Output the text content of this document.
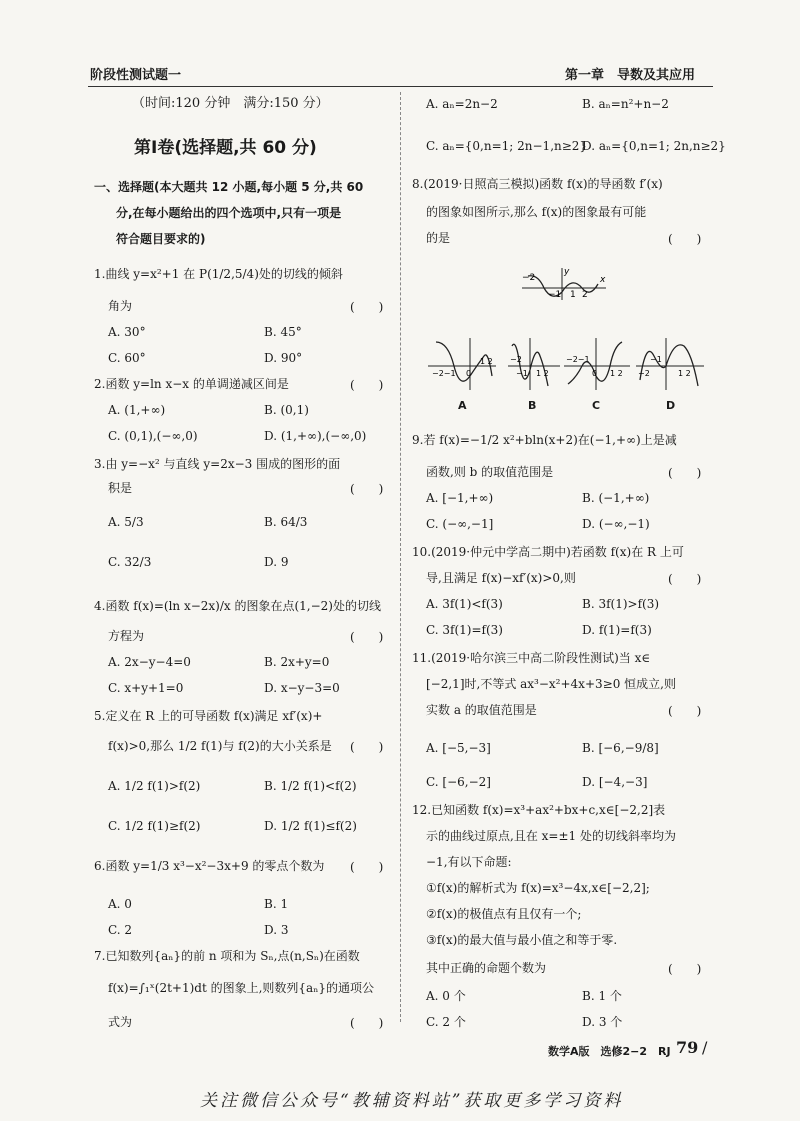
阶段性测试题一	第一章　导数及其应用
（时间:120 分钟　满分:150 分）
第Ⅰ卷(选择题,共 60 分)
一、选择题(本大题共 12 小题,每小题 5 分,共 60
分,在每小题给出的四个选项中,只有一项是
符合题目要求的)
1.曲线 y=x²+1 在 P(1/2,5/4)处的切线的倾斜
角为	(　　)
A. 30°	B. 45°
C. 60°	D. 90°
2.函数 y=ln x−x 的单调递减区间是	(　　)
A. (1,+∞)	B. (0,1)
C. (0,1),(−∞,0)	D. (1,+∞),(−∞,0)
3.由 y=−x² 与直线 y=2x−3 围成的图形的面
积是	(　　)
A. 5/3	B. 64/3
C. 32/3	D. 9
4.函数 f(x)=(ln x−2x)/x 的图象在点(1,−2)处的切线
方程为	(　　)
A. 2x−y−4=0	B. 2x+y=0
C. x+y+1=0	D. x−y−3=0
5.定义在 R 上的可导函数 f(x)满足 xf′(x)+
f(x)>0,那么 1/2 f(1)与 f(2)的大小关系是 (　　)
A. 1/2 f(1)>f(2)	B. 1/2 f(1)<f(2)
C. 1/2 f(1)≥f(2)	D. 1/2 f(1)≤f(2)
6.函数 y=1/3 x³−x²−3x+9 的零点个数为 (　　)
A. 0	B. 1
C. 2	D. 3
7.已知数列{aₙ}的前 n 项和为 Sₙ,点(n,Sₙ)在函数
f(x)=∫₁ˣ(2t+1)dt 的图象上,则数列{aₙ}的通项公
式为	(　　)
A. aₙ=2n−2	B. aₙ=n²+n−2
C. aₙ={0,n=1; 2n−1,n≥2}
D. aₙ={0,n=1; 2n,n≥2}
8.(2019·日照高三模拟)函数 f(x)的导函数 f′(x)
的图象如图所示,那么 f(x)的图象最有可能
的是	(　　)
−2
−1 1 2
x
y
−2−1 0
1 2 −2
−1 1 2
−2−1
0 1 2 −2
−1
1 2
A	B	C	D
9.若 f(x)=−1/2 x²+bln(x+2)在(−1,+∞)上是减
函数,则 b 的取值范围是	(　　)
A. [−1,+∞)	B. (−1,+∞)
C. (−∞,−1]	D. (−∞,−1)
10.(2019·仲元中学高二期中)若函数 f(x)在 R 上可
导,且满足 f(x)−xf′(x)>0,则	(　　)
A. 3f(1)<f(3)	B. 3f(1)>f(3)
C. 3f(1)=f(3)	D. f(1)=f(3)
11.(2019·哈尔滨三中高二阶段性测试)当 x∈
[−2,1]时,不等式 ax³−x²+4x+3≥0 恒成立,则
实数 a 的取值范围是	(　　)
A. [−5,−3]	B. [−6,−9/8]
C. [−6,−2]	D. [−4,−3]
12.已知函数 f(x)=x³+ax²+bx+c,x∈[−2,2]表
示的曲线过原点,且在 x=±1 处的切线斜率均为
−1,有以下命题:
①f(x)的解析式为 f(x)=x³−4x,x∈[−2,2];
②f(x)的极值点有且仅有一个;
③f(x)的最大值与最小值之和等于零.
其中正确的命题个数为	(　　)
A. 0 个	B. 1 个
C. 2 个	D. 3 个
数学A版　选修2−2　RJ 79 /
关注微信公众号“教辅资料站”获取更多学习资料
